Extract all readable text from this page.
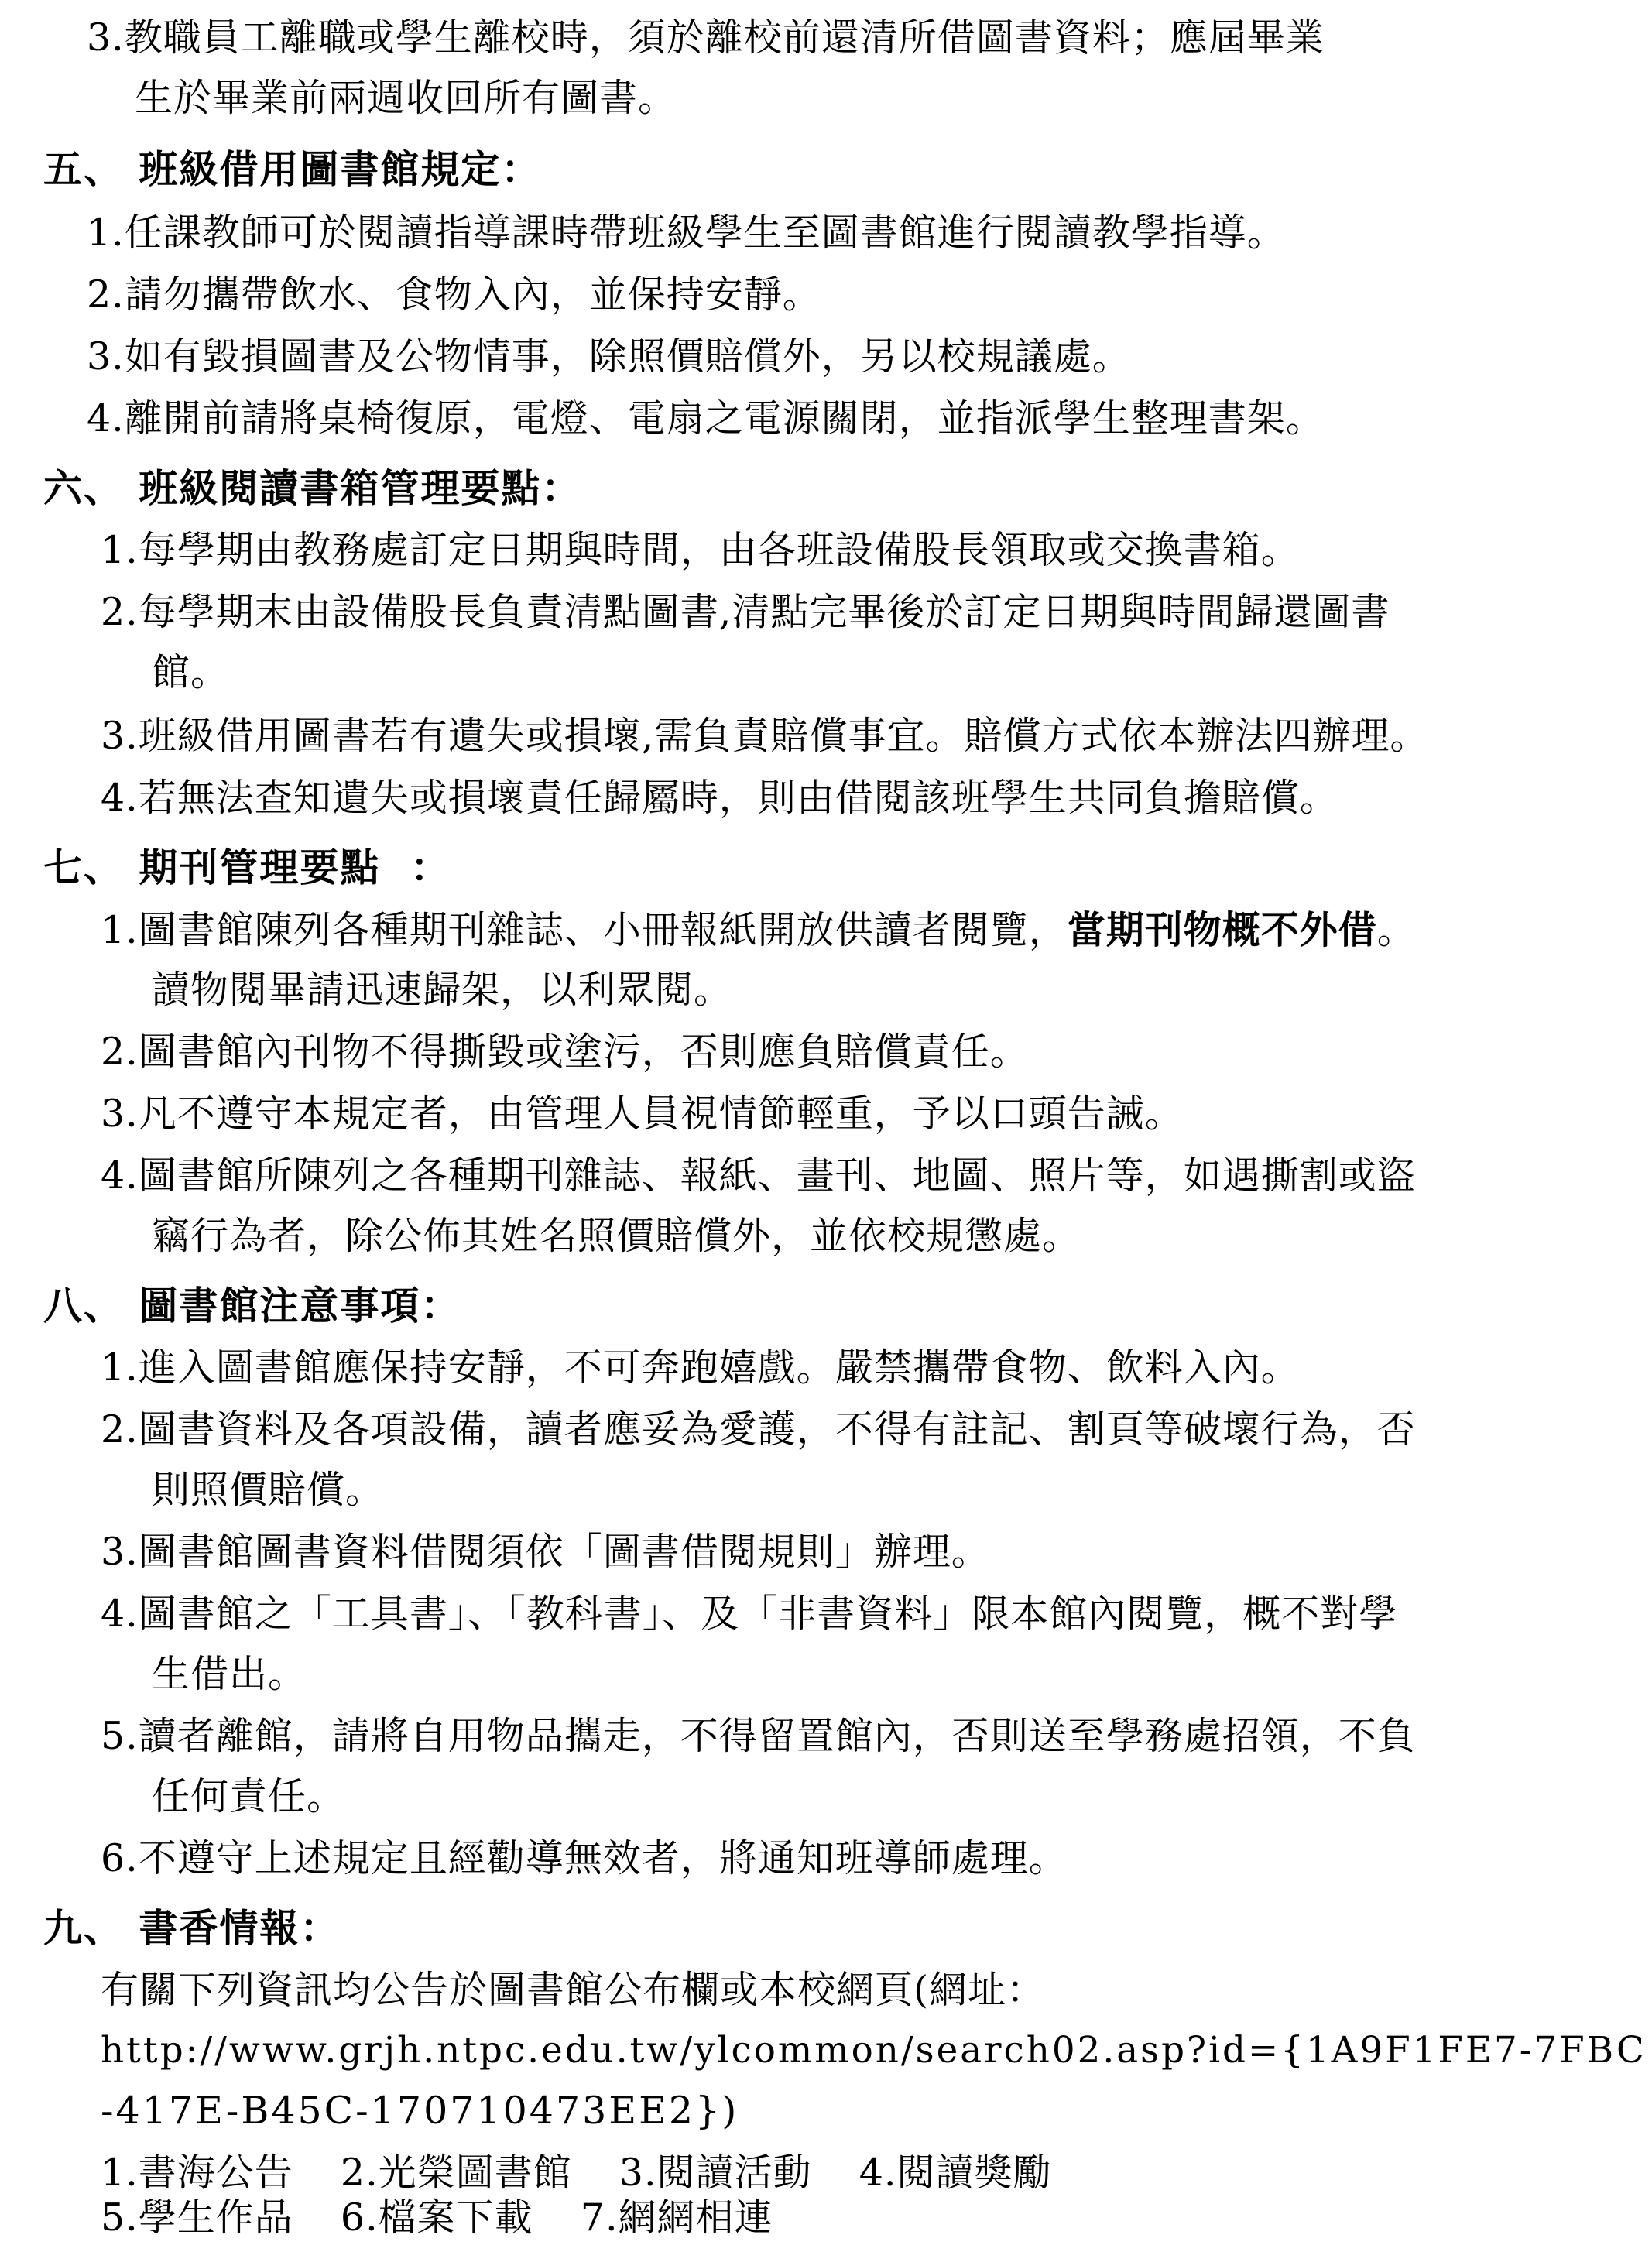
3.教職員工離職或學生離校時，須於離校前還清所借圖書資料；應屆畢業
生於畢業前兩週收回所有圖書。
五、 班級借用圖書館規定：
1.任課教師可於閱讀指導課時帶班級學生至圖書館進行閱讀教學指導。
2.請勿攜帶飲水、食物入內，並保持安靜。
3.如有毀損圖書及公物情事，除照價賠償外，另以校規議處。
4.離開前請將桌椅復原，電燈、電扇之電源關閉，並指派學生整理書架。
六、 班級閱讀書箱管理要點：
1.每學期由教務處訂定日期與時間，由各班設備股長領取或交換書箱。
2.每學期末由設備股長負責清點圖書,清點完畢後於訂定日期與時間歸還圖書
館。
3.班級借用圖書若有遺失或損壞,需負責賠償事宜。賠償方式依本辦法四辦理。
4.若無法查知遺失或損壞責任歸屬時，則由借閱該班學生共同負擔賠償。
七、 期刊管理要點  ：
1.圖書館陳列各種期刊雜誌、小冊報紙開放供讀者閱覽，當期刊物概不外借。
讀物閱畢請迅速歸架，以利眾閱。
2.圖書館內刊物不得撕毀或塗污，否則應負賠償責任。
3.凡不遵守本規定者，由管理人員視情節輕重，予以口頭告誡。
4.圖書館所陳列之各種期刊雜誌、報紙、畫刊、地圖、照片等，如遇撕割或盜
竊行為者，除公佈其姓名照價賠償外，並依校規懲處。
八、 圖書館注意事項：
1.進入圖書館應保持安靜，不可奔跑嬉戲。嚴禁攜帶食物、飲料入內。
2.圖書資料及各項設備，讀者應妥為愛護，不得有註記、割頁等破壞行為，否
則照價賠償。
3.圖書館圖書資料借閱須依「圖書借閱規則」辦理。
4.圖書館之「工具書」、「教科書」、及「非書資料」限本館內閱覽，概不對學
生借出。
5.讀者離館，請將自用物品攜走，不得留置館內，否則送至學務處招領，不負
任何責任。
6.不遵守上述規定且經勸導無效者，將通知班導師處理。
九、 書香情報：
有關下列資訊均公告於圖書館公布欄或本校網頁(網址：
http://www.grjh.ntpc.edu.tw/ylcommon/search02.asp?id={1A9F1FE7-7FBC
-417E-B45C-170710473EE2})
1.書海公告  2.光榮圖書館  3.閱讀活動  4.閱讀獎勵
5.學生作品  6.檔案下載  7.網網相連
